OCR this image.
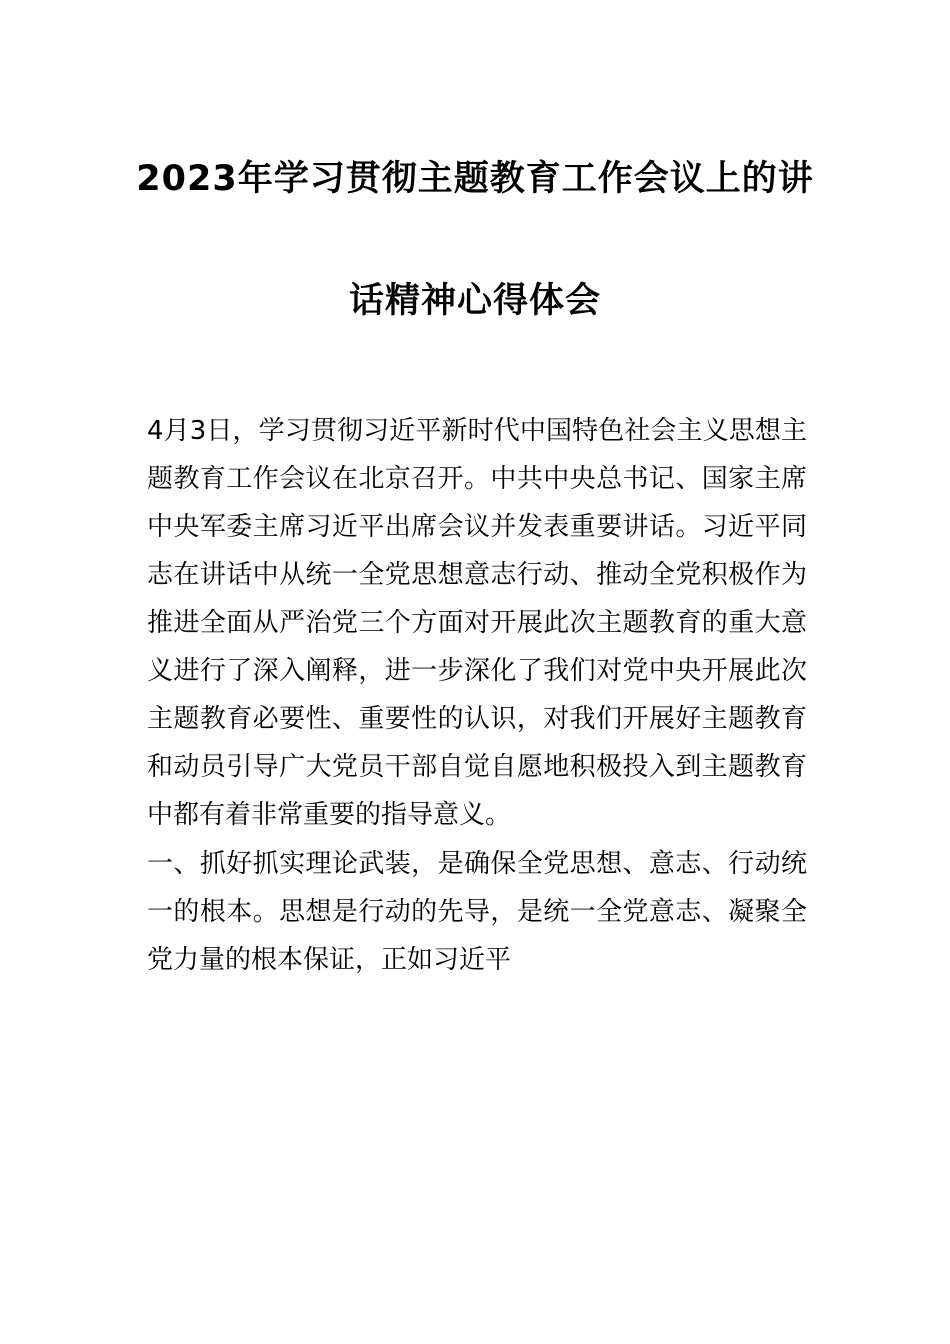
2023年学习贯彻主题教育工作会议上的讲
话精神心得体会

4月3日，学习贯彻习近平新时代中国特色社会主义思想主

题教育工作会议在北京召开。中共中央总书记、国家主席

中央军委主席习近平出席会议并发表重要讲话。习近平同

志在讲话中从统一全党思想意志行动、推动全党积极作为

推进全面从严治党三个方面对开展此次主题教育的重大意

义进行了深入阐释，进一步深化了我们对党中央开展此次

主题教育必要性、重要性的认识，对我们开展好主题教育

和动员引导广大党员干部自觉自愿地积极投入到主题教育

中都有着非常重要的指导意义。

一、抓好抓实理论武装，是确保全党思想、意志、行动统

一的根本。思想是行动的先导，是统一全党意志、凝聚全

党力量的根本保证，正如习近平
